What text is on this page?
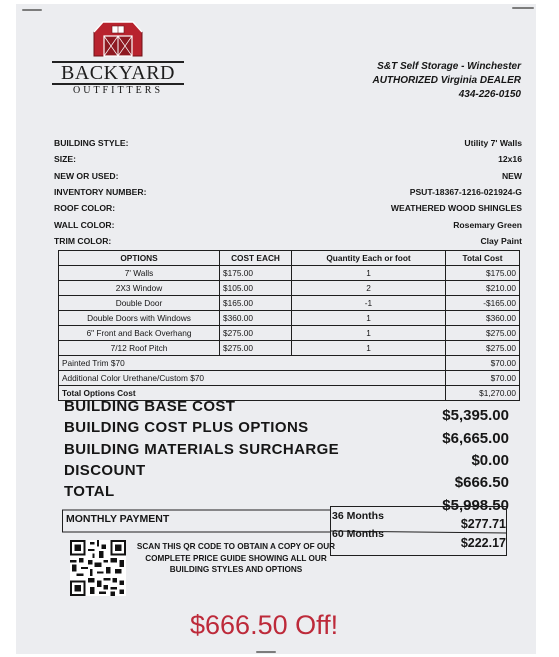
BACKYARD
OUTFITTERS
S&T Self Storage - Winchester
AUTHORIZED Virginia DEALER
434-226-0150
BUILDING STYLE:	Utility 7' Walls
SIZE:	12x16
NEW OR USED:	NEW
INVENTORY NUMBER:	PSUT-18367-1216-021924-G
ROOF COLOR:	WEATHERED WOOD SHINGLES
WALL COLOR:	Rosemary Green
TRIM COLOR:	Clay Paint
OPTIONS	COST EACH	Quantity Each or foot	Total Cost
7' Walls	$175.00	1	$175.00
2X3 Window	$105.00	2	$210.00
Double Door	$165.00	-1	-$165.00
Double Doors with Windows	$360.00	1	$360.00
6" Front and Back Overhang	$275.00	1	$275.00
7/12 Roof Pitch	$275.00	1	$275.00
Painted Trim $70			$70.00
Additional Color Urethane/Custom $70			$70.00
Total Options Cost			$1,270.00
BUILDING BASE COST
$5,395.00
BUILDING COST PLUS OPTIONS
$6,665.00
BUILDING MATERIALS SURCHARGE
$0.00
DISCOUNT
$666.50
TOTAL
$5,998.50
MONTHLY PAYMENT	36 Months
$277.71
60 Months
$222.17
SCAN THIS QR CODE TO OBTAIN A COPY OF OUR COMPLETE PRICE GUIDE SHOWING ALL OUR BUILDING STYLES AND OPTIONS
$666.50 Off!
